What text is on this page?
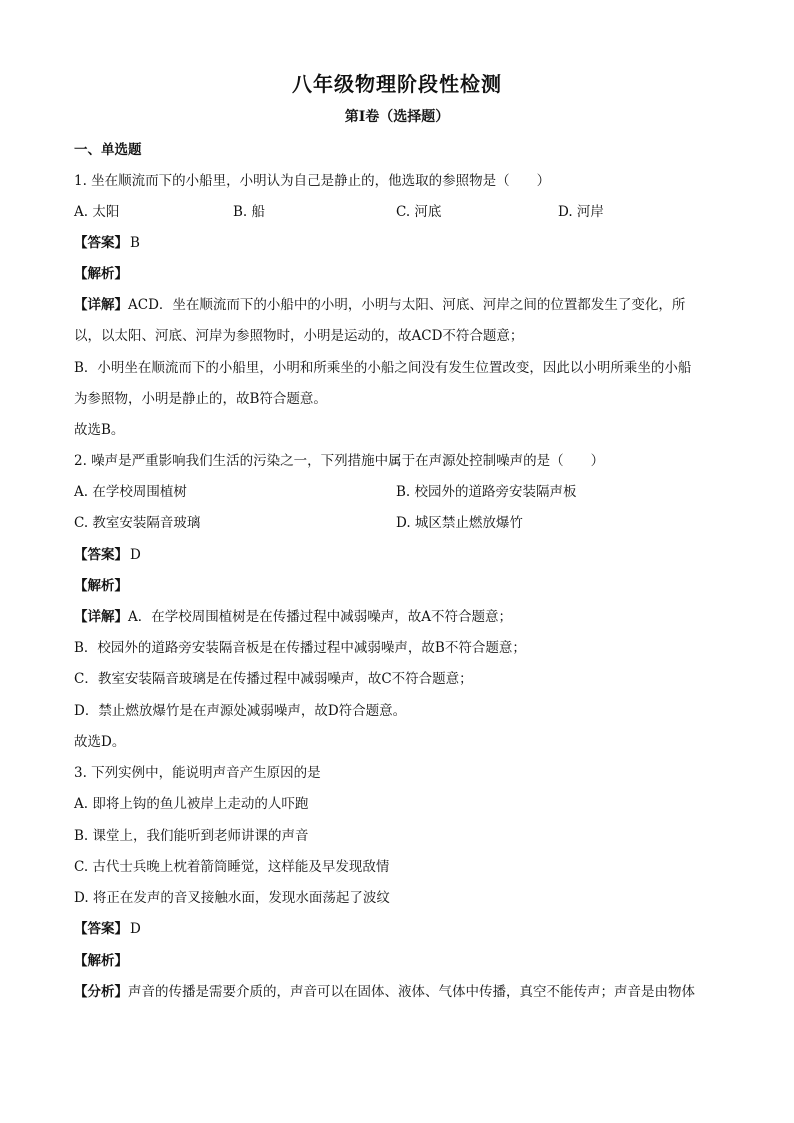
八年级物理阶段性检测
第I卷（选择题）
一、单选题
1. 坐在顺流而下的小船里，小明认为自己是静止的，他选取的参照物是（　　）
A. 太阳	B. 船	C. 河底	D. 河岸
【答案】 B
【解析】
【详解】ACD．坐在顺流而下的小船中的小明，小明与太阳、河底、河岸之间的位置都发生了变化，所
以，以太阳、河底、河岸为参照物时，小明是运动的，故ACD不符合题意；
B．小明坐在顺流而下的小船里，小明和所乘坐的小船之间没有发生位置改变，因此以小明所乘坐的小船
为参照物，小明是静止的，故B符合题意。
故选B。
2. 噪声是严重影响我们生活的污染之一，下列措施中属于在声源处控制噪声的是（　　）
A. 在学校周围植树	B. 校园外的道路旁安装隔声板
C. 教室安装隔音玻璃	D. 城区禁止燃放爆竹
【答案】 D
【解析】
【详解】A．在学校周围植树是在传播过程中减弱噪声，故A不符合题意；
B．校园外的道路旁安装隔音板是在传播过程中减弱噪声，故B不符合题意；
C．教室安装隔音玻璃是在传播过程中减弱噪声，故C不符合题意；
D．禁止燃放爆竹是在声源处减弱噪声，故D符合题意。
故选D。
3. 下列实例中，能说明声音产生原因的是
A. 即将上钩的鱼儿被岸上走动的人吓跑
B. 课堂上，我们能听到老师讲课的声音
C. 古代士兵晚上枕着箭筒睡觉，这样能及早发现敌情
D. 将正在发声的音叉接触水面，发现水面荡起了波纹
【答案】 D
【解析】
【分析】声音的传播是需要介质的，声音可以在固体、液体、气体中传播，真空不能传声；声音是由物体
